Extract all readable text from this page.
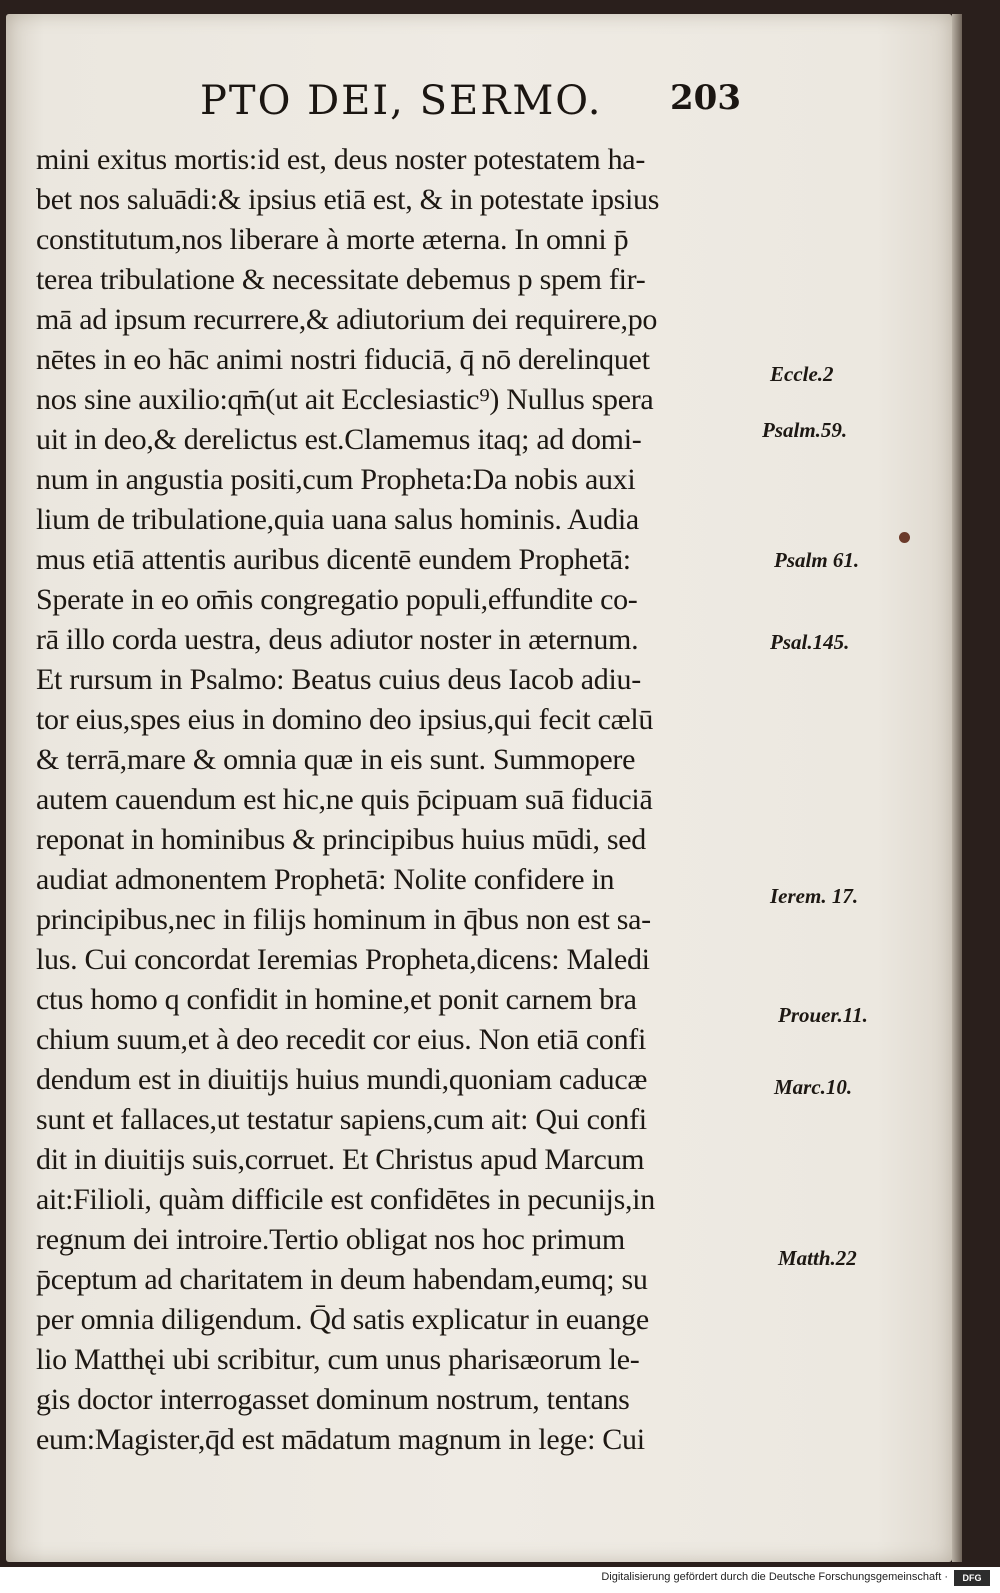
PTO DEI, SERMO. 203
mini exitus mortis:id est, deus noster potestatem ha-
bet nos saluādi:& ipsius etiā est, & in potestate ipsius
constitutum,nos liberare à morte æterna. In omni p̄
terea tribulatione & necessitate debemus p spem fir-
mā ad ipsum recurrere,& adiutorium dei requirere,po
nētes in eo hāc animi nostri fiduciā, q̄ nō derelinquet
nos sine auxilio:qm̄(ut ait Ecclesiastic⁹) Nullus spera
uit in deo,& derelictus est.Clamemus itaq; ad domi-
num in angustia positi,cum Propheta:Da nobis auxi
lium de tribulatione,quia uana salus hominis. Audia
mus etiā attentis auribus dicentē eundem Prophetā:
Sperate in eo om̄is congregatio populi,effundite co-
rā illo corda uestra, deus adiutor noster in æternum.
Et rursum in Psalmo: Beatus cuius deus Iacob adiu-
tor eius,spes eius in domino deo ipsius,qui fecit cælū
& terrā,mare & omnia quæ in eis sunt. Summopere
autem cauendum est hic,ne quis p̄cipuam suā fiduciā
reponat in hominibus & principibus huius mūdi, sed
audiat admonentem Prophetā: Nolite confidere in
principibus,nec in filijs hominum in q̄bus non est sa-
lus. Cui concordat Ieremias Propheta,dicens: Maledi
ctus homo q confidit in homine,et ponit carnem bra
chium suum,et à deo recedit cor eius. Non etiā confi
dendum est in diuitijs huius mundi,quoniam caducæ
sunt et fallaces,ut testatur sapiens,cum ait: Qui confi
dit in diuitijs suis,corruet. Et Christus apud Marcum
ait:Filioli, quàm difficile est confidētes in pecunijs,in
regnum dei introire.Tertio obligat nos hoc primum
p̄ceptum ad charitatem in deum habendam,eumq; su
per omnia diligendum. Q̄d satis explicatur in euange
lio Matthęi ubi scribitur, cum unus pharisæorum le-
gis doctor interrogasset dominum nostrum, tentans
eum:Magister,q̄d est mādatum magnum in lege: Cui
Eccle.2
Psalm.59.
Psalm 61.
Psal.145.
Ierem. 17.
Prouer.11.
Marc.10.
Matth.22
Digitalisierung gefördert durch die Deutsche Forschungsgemeinschaft ·	DFG
